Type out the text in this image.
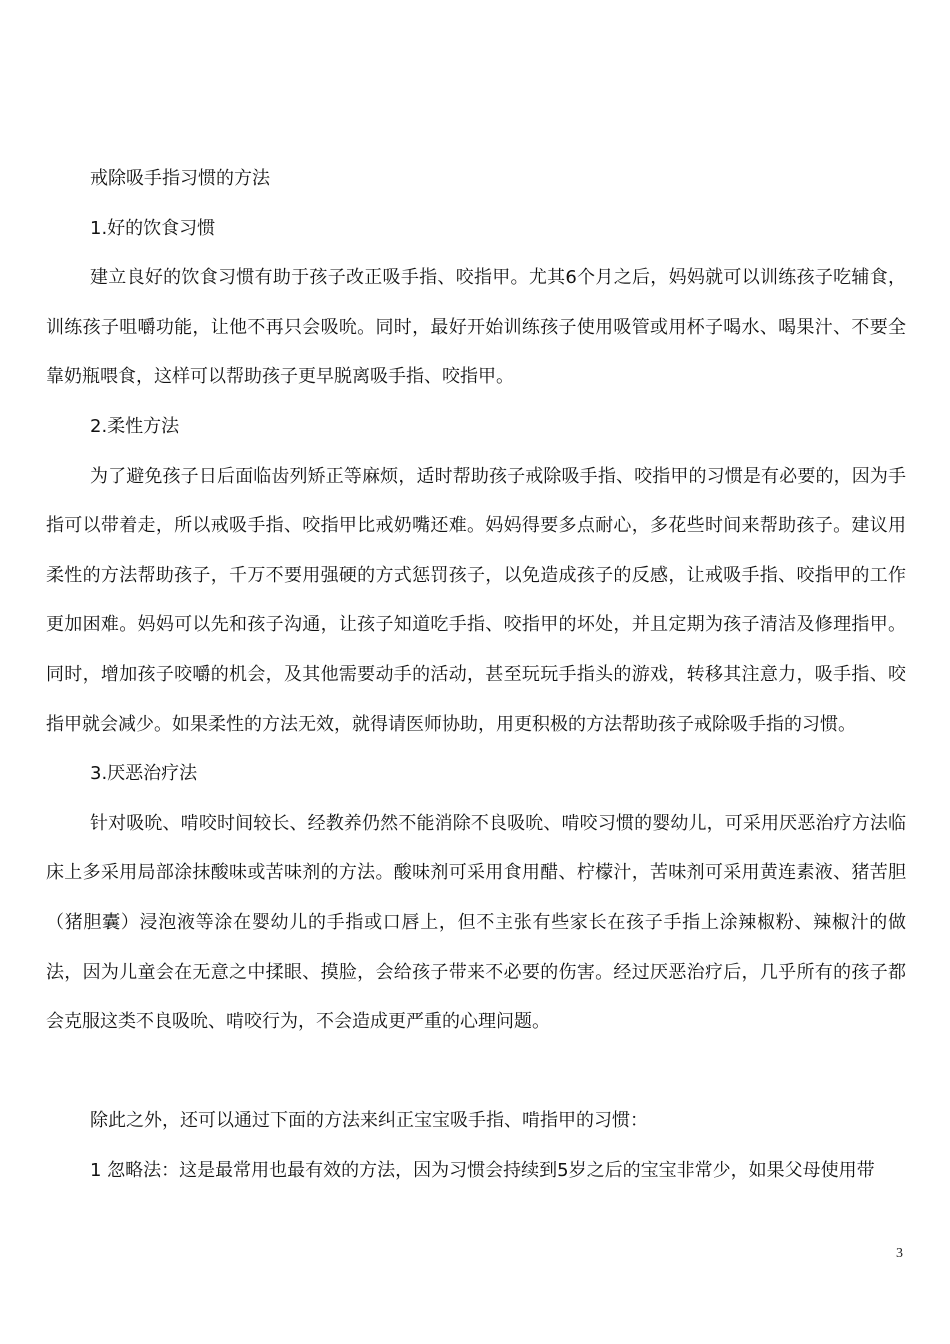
戒除吸手指习惯的方法

1.好的饮食习惯

建立良好的饮食习惯有助于孩子改正吸手指、咬指甲。尤其6个月之后，妈妈就可以训练孩子吃辅食，训练孩子咀嚼功能，让他不再只会吸吮。同时，最好开始训练孩子使用吸管或用杯子喝水、喝果汁、不要全靠奶瓶喂食，这样可以帮助孩子更早脱离吸手指、咬指甲。

2.柔性方法

为了避免孩子日后面临齿列矫正等麻烦，适时帮助孩子戒除吸手指、咬指甲的习惯是有必要的，因为手指可以带着走，所以戒吸手指、咬指甲比戒奶嘴还难。妈妈得要多点耐心，多花些时间来帮助孩子。建议用柔性的方法帮助孩子，千万不要用强硬的方式惩罚孩子，以免造成孩子的反感，让戒吸手指、咬指甲的工作更加困难。妈妈可以先和孩子沟通，让孩子知道吃手指、咬指甲的坏处，并且定期为孩子清洁及修理指甲。同时，增加孩子咬嚼的机会，及其他需要动手的活动，甚至玩玩手指头的游戏，转移其注意力，吸手指、咬指甲就会减少。如果柔性的方法无效，就得请医师协助，用更积极的方法帮助孩子戒除吸手指的习惯。

3.厌恶治疗法

针对吸吮、啃咬时间较长、经教养仍然不能消除不良吸吮、啃咬习惯的婴幼儿，可采用厌恶治疗方法临床上多采用局部涂抹酸味或苦味剂的方法。酸味剂可采用食用醋、柠檬汁，苦味剂可采用黄连素液、猪苦胆（猪胆囊）浸泡液等涂在婴幼儿的手指或口唇上，但不主张有些家长在孩子手指上涂辣椒粉、辣椒汁的做法，因为儿童会在无意之中揉眼、摸脸，会给孩子带来不必要的伤害。经过厌恶治疗后，几乎所有的孩子都会克服这类不良吸吮、啃咬行为，不会造成更严重的心理问题。

除此之外，还可以通过下面的方法来纠正宝宝吸手指、啃指甲的习惯：

1 忽略法：这是最常用也最有效的方法，因为习惯会持续到5岁之后的宝宝非常少，如果父母使用带

3
